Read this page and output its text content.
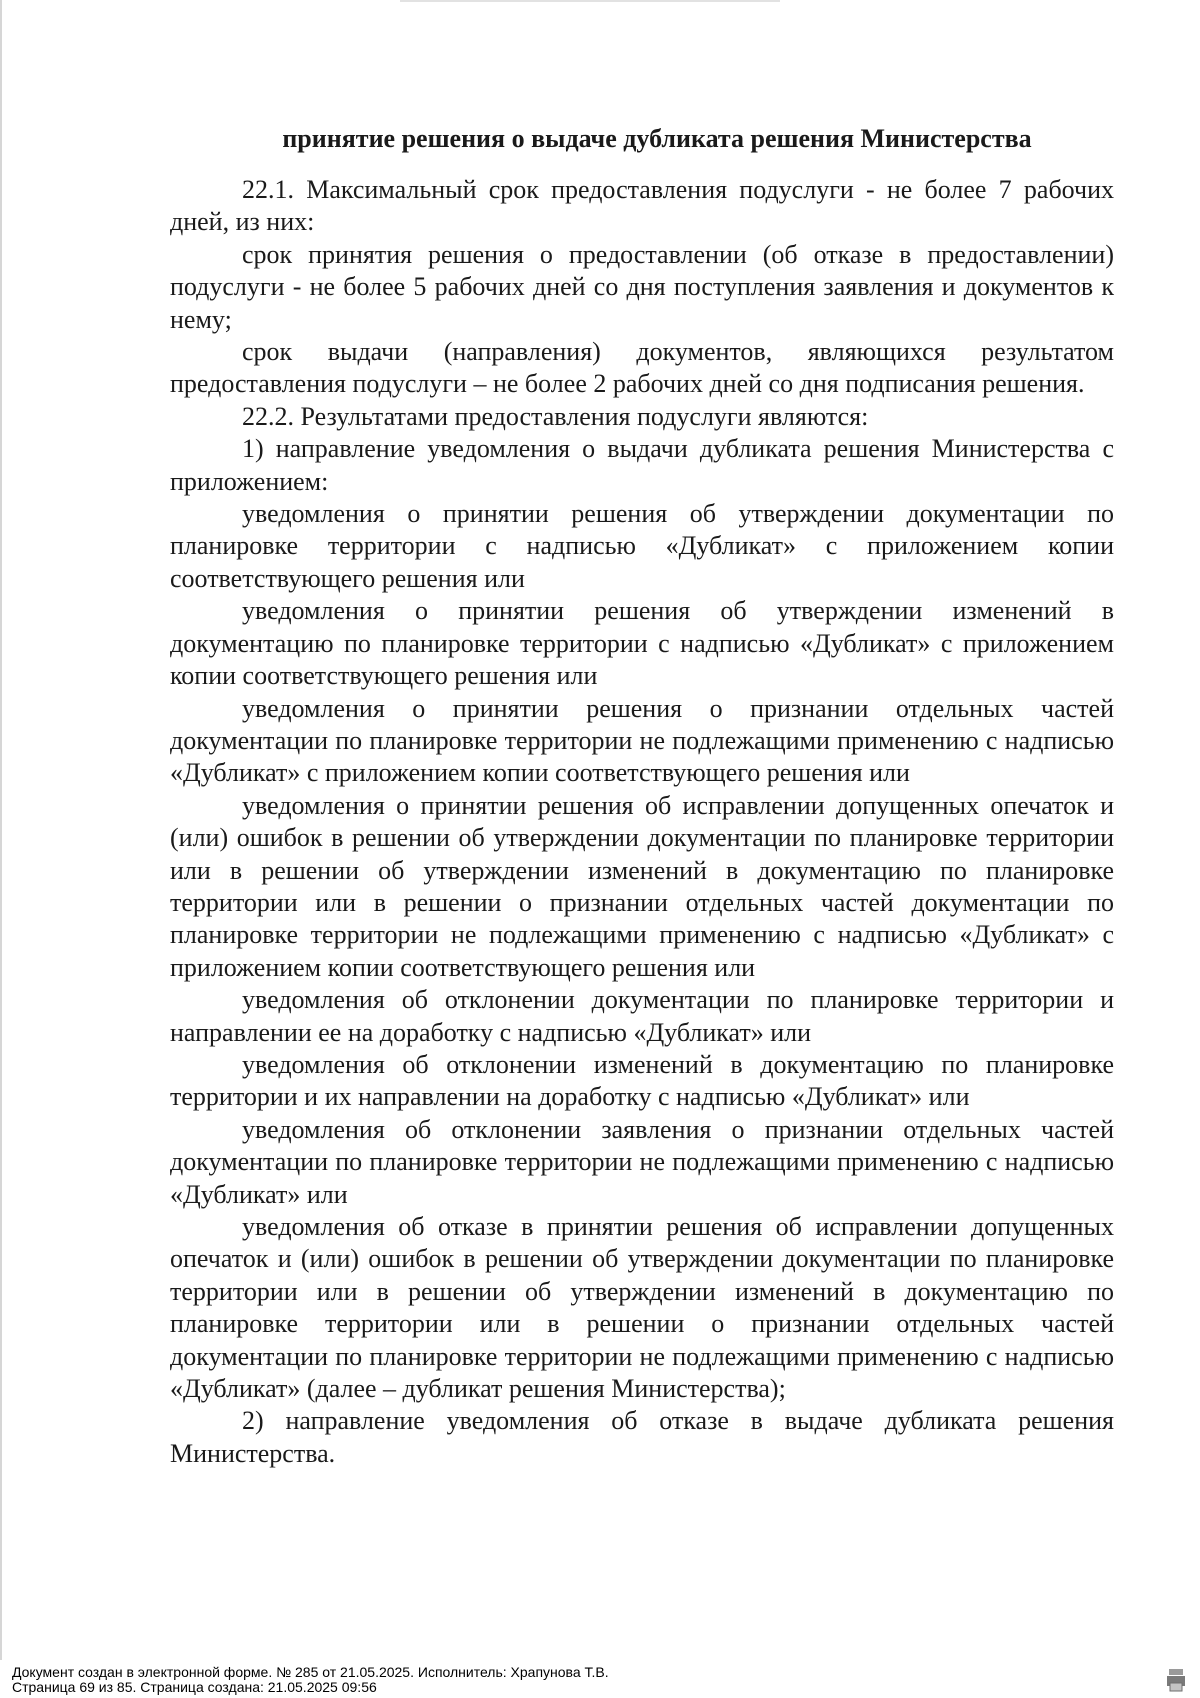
принятие решения о выдаче дубликата решения Министерства

22.1. Максимальный срок предоставления подуслуги - не более 7 рабочих дней, из них:

срок принятия решения о предоставлении (об отказе в предоставлении) подуслуги - не более 5 рабочих дней со дня поступления заявления и документов к нему;

срок выдачи (направления) документов, являющихся результатом предоставления подуслуги – не более 2 рабочих дней со дня подписания решения.

22.2. Результатами предоставления подуслуги являются:

1) направление уведомления о выдачи дубликата решения Министерства с приложением:

уведомления о принятии решения об утверждении документации по планировке территории с надписью «Дубликат» с приложением копии соответствующего решения или

уведомления о принятии решения об утверждении изменений в документацию по планировке территории с надписью «Дубликат» с приложением копии соответствующего решения или

уведомления о принятии решения о признании отдельных частей документации по планировке территории не подлежащими применению с надписью «Дубликат» с приложением копии соответствующего решения или

уведомления о принятии решения об исправлении допущенных опечаток и (или) ошибок в решении об утверждении документации по планировке территории или в решении об утверждении изменений в документацию по планировке территории или в решении о признании отдельных частей документации по планировке территории не подлежащими применению с надписью «Дубликат» с приложением копии соответствующего решения или

уведомления об отклонении документации по планировке территории и направлении ее на доработку с надписью «Дубликат» или

уведомления об отклонении изменений в документацию по планировке территории и их направлении на доработку с надписью «Дубликат» или

уведомления об отклонении заявления о признании отдельных частей документации по планировке территории не подлежащими применению с надписью «Дубликат» или

уведомления об отказе в принятии решения об исправлении допущенных опечаток и (или) ошибок в решении об утверждении документации по планировке территории или в решении об утверждении изменений в документацию по планировке территории или в решении о признании отдельных частей документации по планировке территории не подлежащими применению с надписью «Дубликат» (далее – дубликат решения Министерства);

2) направление уведомления об отказе в выдаче дубликата решения Министерства.

Документ создан в электронной форме. № 285 от 21.05.2025. Исполнитель: Храпунова Т.В.
Страница 69 из 85. Страница создана: 21.05.2025 09:56
